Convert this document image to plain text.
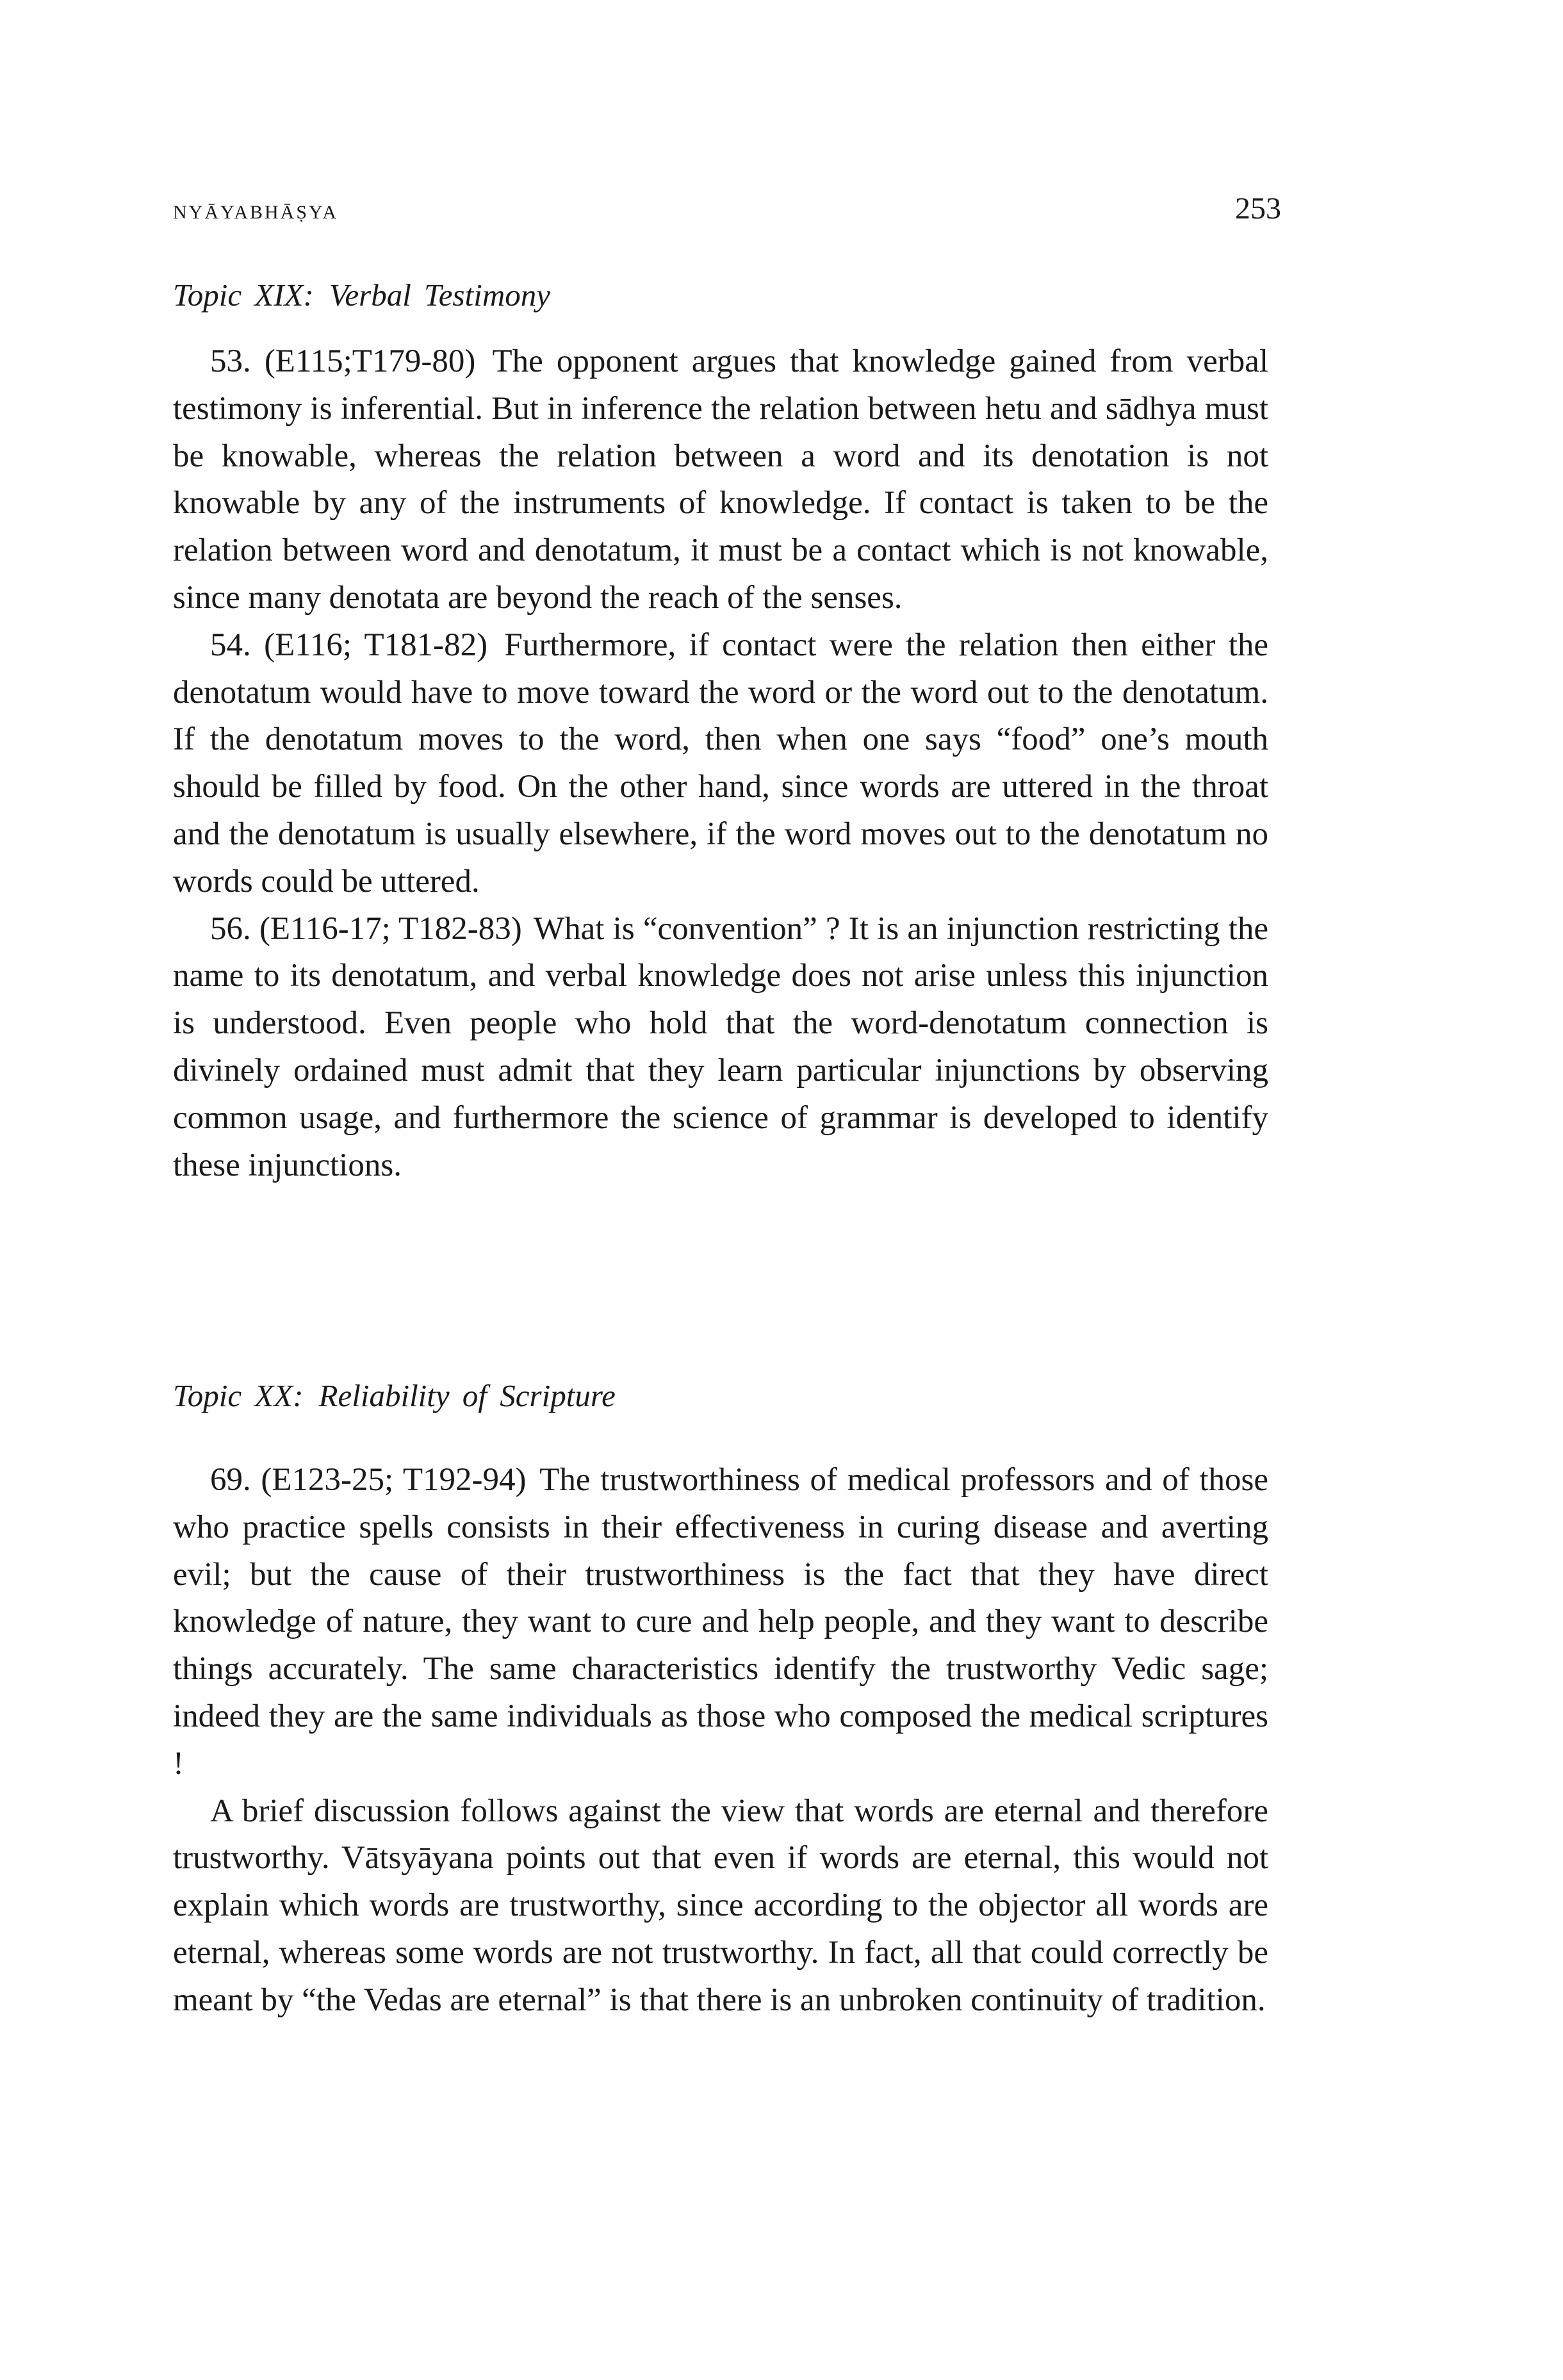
NYĀYABHĀṢYA	253
Topic XIX: Verbal Testimony

53. (E115;T179-80) The opponent argues that knowledge gained from verbal testimony is inferential. But in inference the relation between hetu and sādhya must be knowable, whereas the relation between a word and its denotation is not knowable by any of the instruments of knowledge. If contact is taken to be the relation between word and denotatum, it must be a contact which is not knowable, since many denotata are beyond the reach of the senses.

54. (E116; T181-82) Furthermore, if contact were the relation then either the denotatum would have to move toward the word or the word out to the denotatum. If the denotatum moves to the word, then when one says “food” one’s mouth should be filled by food. On the other hand, since words are uttered in the throat and the denotatum is usually elsewhere, if the word moves out to the denotatum no words could be uttered.

56. (E116-17; T182-83) What is “convention” ? It is an injunction restricting the name to its denotatum, and verbal knowledge does not arise unless this injunction is understood. Even people who hold that the word-denotatum connection is divinely ordained must admit that they learn particular injunctions by observing common usage, and furthermore the science of grammar is developed to identify these injunctions.

Topic XX: Reliability of Scripture

69. (E123-25; T192-94) The trustworthiness of medical professors and of those who practice spells consists in their effectiveness in curing disease and averting evil; but the cause of their trustworthiness is the fact that they have direct knowledge of nature, they want to cure and help people, and they want to describe things accurately. The same characteristics identify the trustworthy Vedic sage; indeed they are the same individuals as those who composed the medical scriptures !

A brief discussion follows against the view that words are eternal and therefore trustworthy. Vātsyāyana points out that even if words are eternal, this would not explain which words are trustworthy, since according to the objector all words are eternal, whereas some words are not trustworthy. In fact, all that could correctly be meant by “the Vedas are eternal” is that there is an unbroken continuity of tradition.
